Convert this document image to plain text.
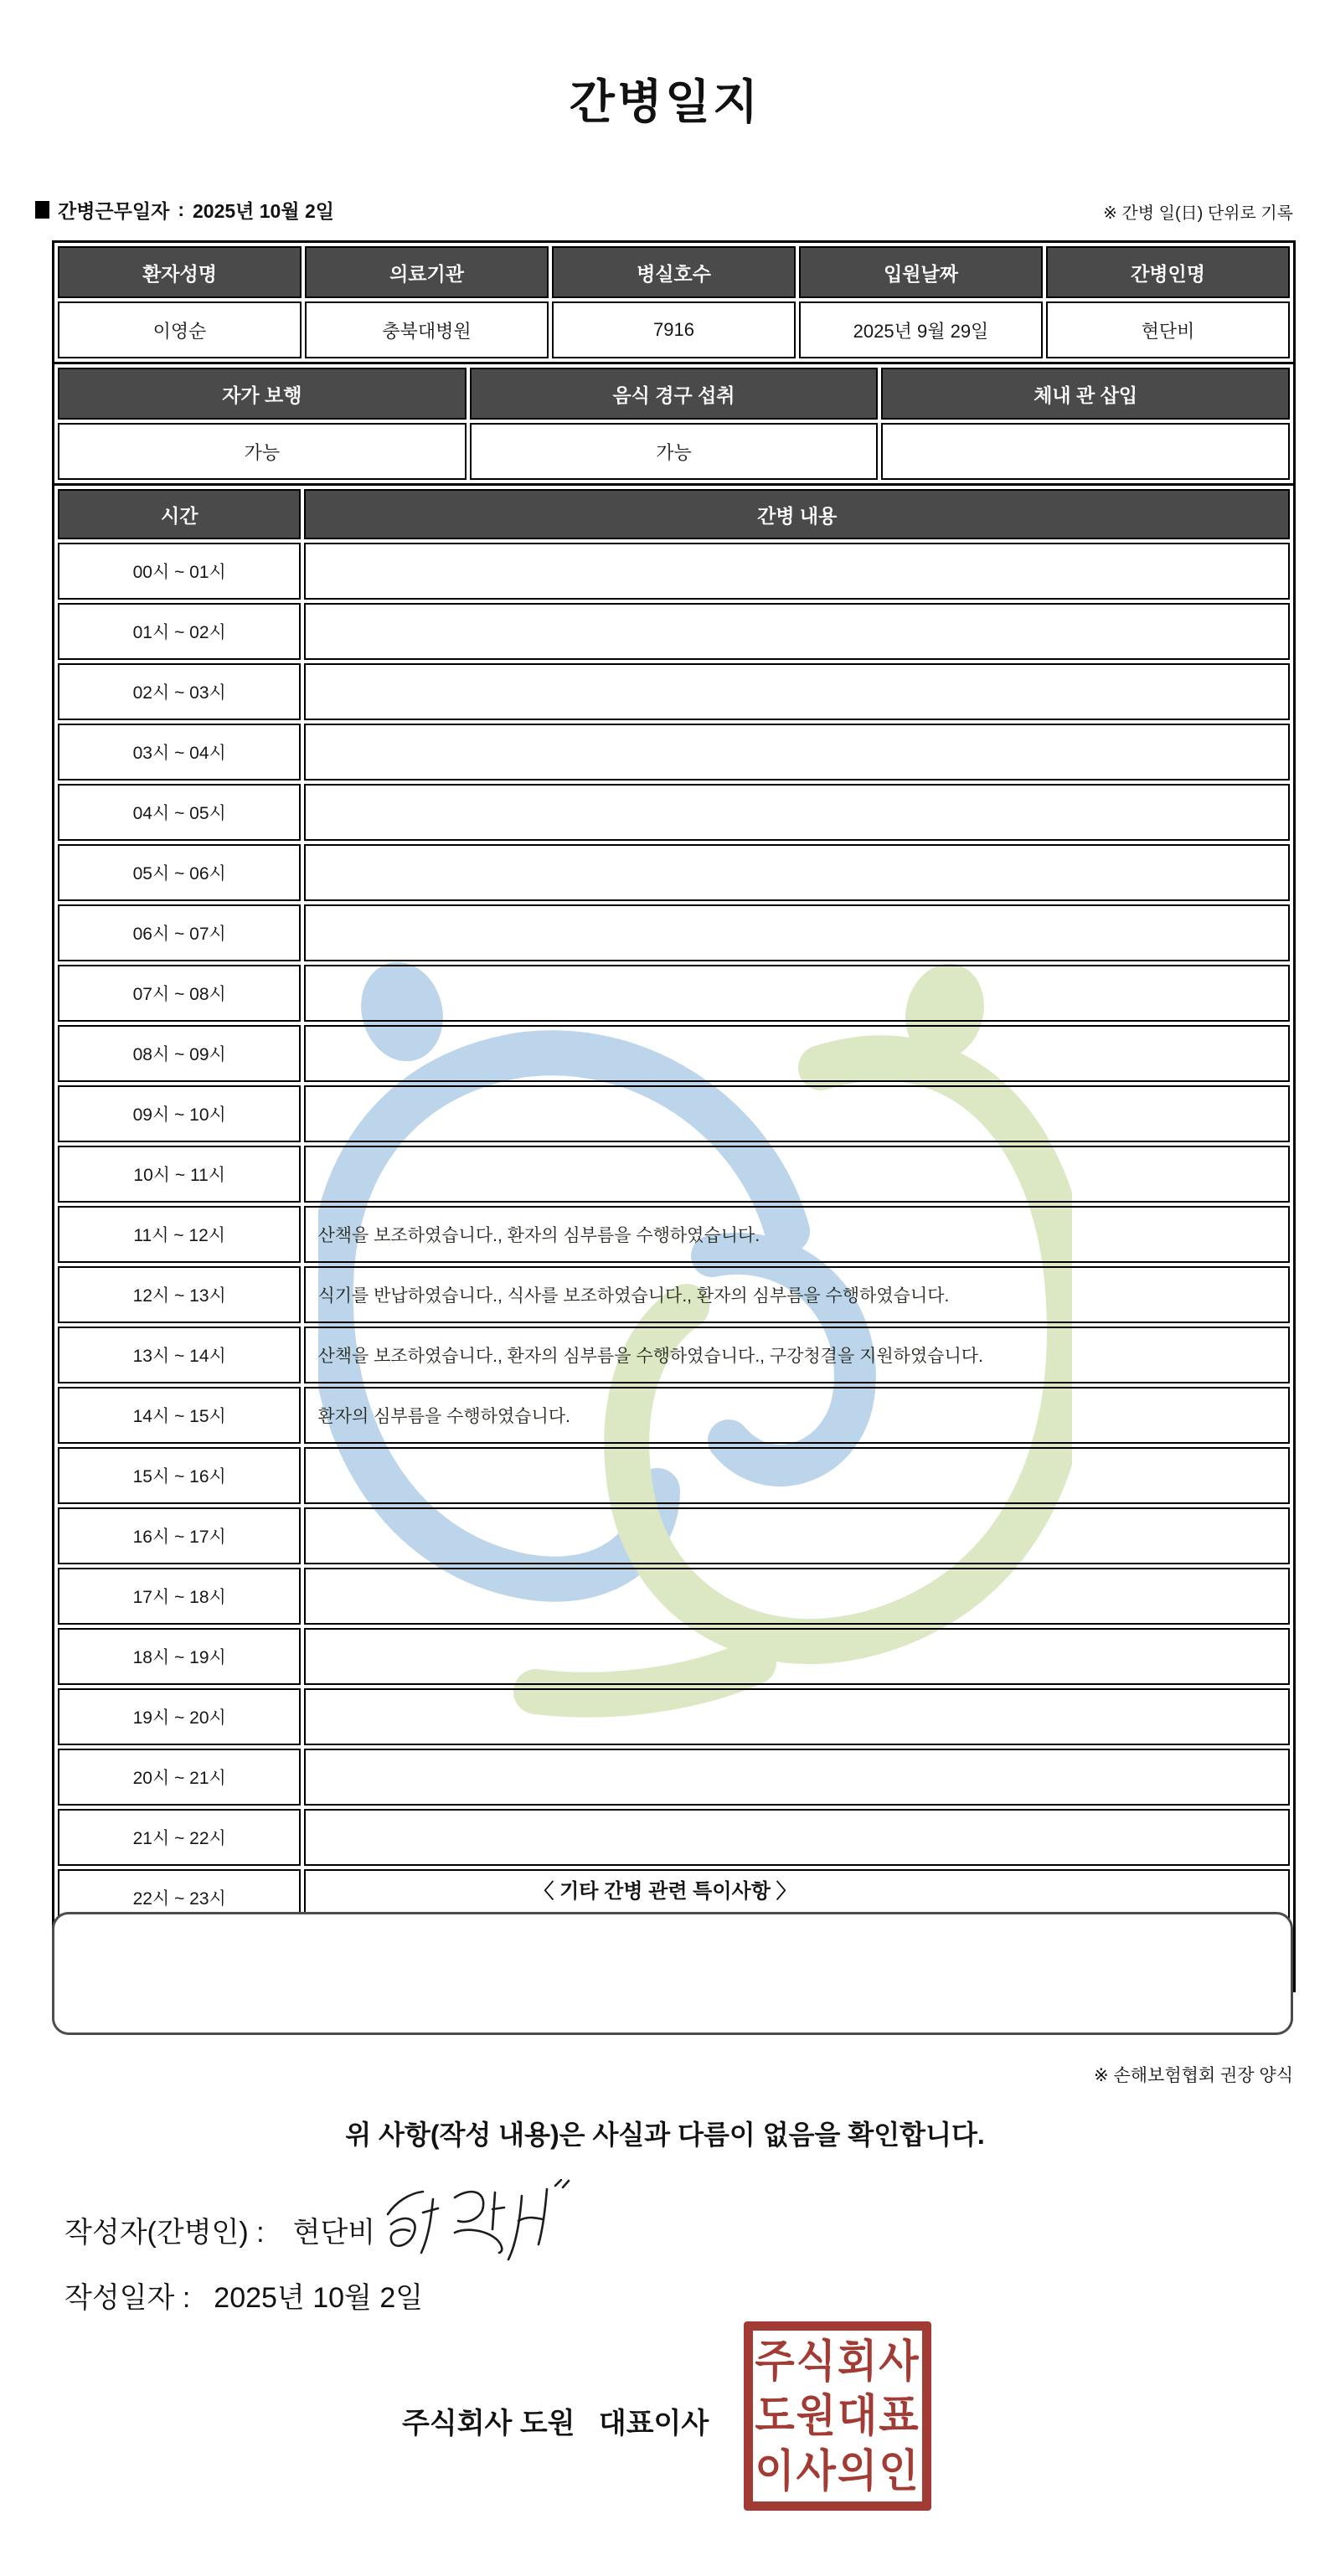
간병일지
간병근무일자 : 2025년 10월 2일	※ 간병 일(日) 단위로 기록
환자성명	의료기관	병실호수	입원날짜	간병인명
이영순	충북대병원	7916	2025년 9월 29일	현단비
자가 보행	음식 경구 섭취	체내 관 삽입
가능	가능	
시간	간병 내용
00시 ~ 01시	
01시 ~ 02시	
02시 ~ 03시	
03시 ~ 04시	
04시 ~ 05시	
05시 ~ 06시	
06시 ~ 07시	
07시 ~ 08시	
08시 ~ 09시	
09시 ~ 10시	
10시 ~ 11시	
11시 ~ 12시	산책을 보조하였습니다., 환자의 심부름을 수행하였습니다.
12시 ~ 13시	식기를 반납하였습니다., 식사를 보조하였습니다., 환자의 심부름을 수행하였습니다.
13시 ~ 14시	산책을 보조하였습니다., 환자의 심부름을 수행하였습니다., 구강청결을 지원하였습니다.
14시 ~ 15시	환자의 심부름을 수행하였습니다.
15시 ~ 16시	
16시 ~ 17시	
17시 ~ 18시	
18시 ~ 19시	
19시 ~ 20시	
20시 ~ 21시	
21시 ~ 22시	
22시 ~ 23시	
		〈 기타 간병 관련 특이사항 〉
※ 손해보험협회 권장 양식
위 사항(작성 내용)은 사실과 다름이 없음을 확인합니다.
작성자(간병인) : 현단비
작성일자 : 2025년 10월 2일
주식회사 도원   대표이사
주식회사
도원대표
이사의인
